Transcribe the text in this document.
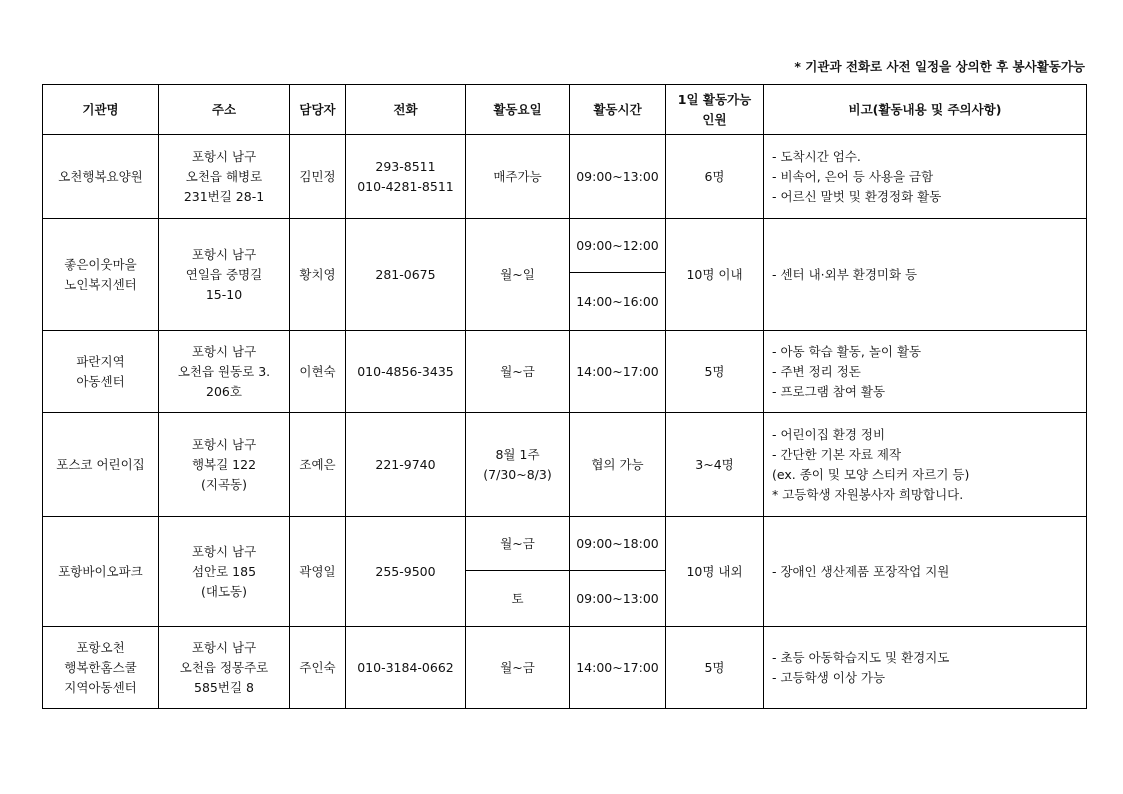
* 기관과 전화로 사전 일정을 상의한 후 봉사활동가능
기관명	주소	담당자	전화	활동요일	활동시간	1일 활동가능
인원	비고(활동내용 및 주의사항)
오천행복요양원	포항시 남구
오천읍 해병로
231번길 28-1	김민정	293-8511
010-4281-8511	매주가능	09:00~13:00	6명	- 도착시간 엄수.
- 비속어, 은어 등 사용을 금함
- 어르신 말벗 및 환경정화 활동
좋은이웃마을
노인복지센터	포항시 남구
연일읍 중명길
15-10	황치영	281-0675	월~일	09:00~12:00	10명 이내	- 센터 내·외부 환경미화 등
					14:00~16:00		
파란지역
아동센터	포항시 남구
오천읍 원동로 3.
206호	이현숙	010-4856-3435	월~금	14:00~17:00	5명	- 아동 학습 활동, 놀이 활동
- 주변 정리 정돈
- 프로그램 참여 활동
포스코 어린이집	포항시 남구
행복길 122
(지곡동)	조예은	221-9740	8월 1주
(7/30~8/3)	협의 가능	3~4명	- 어린이집 환경 정비
- 간단한 기본 자료 제작
(ex. 종이 및 모양 스티커 자르기 등)
* 고등학생 자원봉사자 희망합니다.
포항바이오파크	포항시 남구
섬안로 185
(대도동)	곽영일	255-9500	월~금	09:00~18:00	10명 내외	- 장애인 생산제품 포장작업 지원
				토	09:00~13:00		
포항오천
행복한홈스쿨
지역아동센터	포항시 남구
오천읍 정몽주로
585번길 8	주인숙	010-3184-0662	월~금	14:00~17:00	5명	- 초등 아동학습지도 및 환경지도
- 고등학생 이상 가능
